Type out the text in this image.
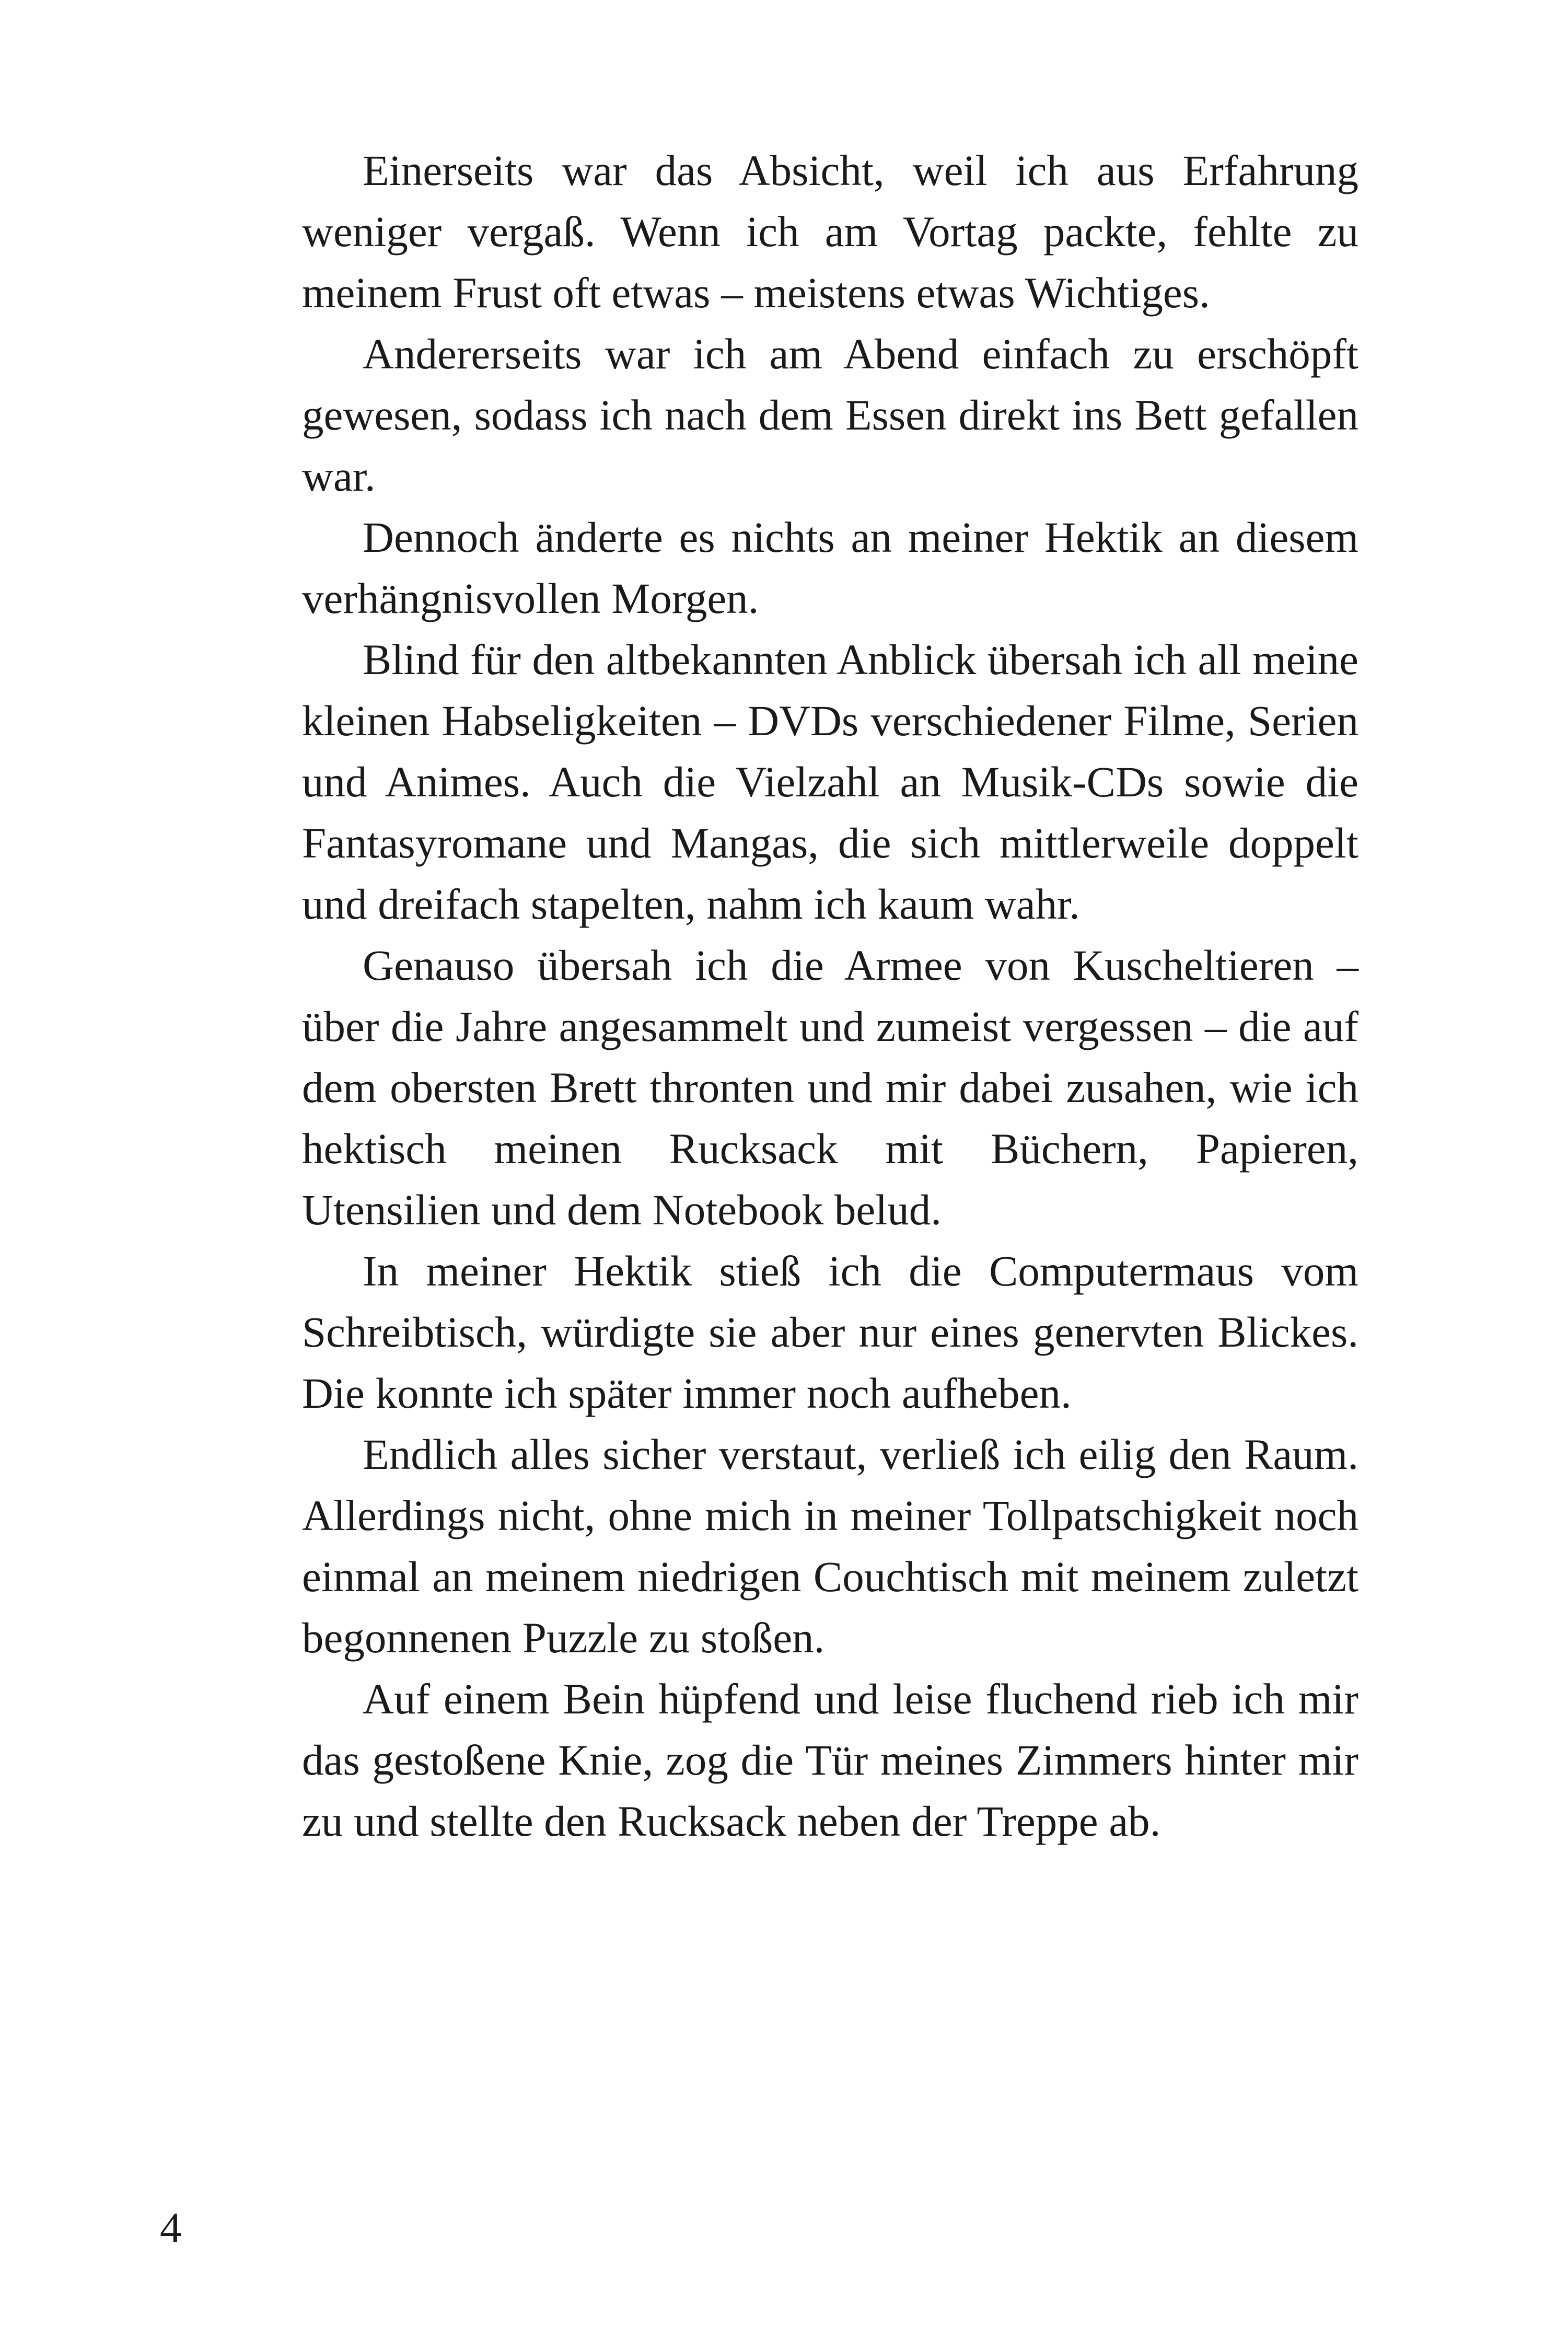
Einerseits war das Absicht, weil ich aus Erfahrung weniger vergaß. Wenn ich am Vortag packte, fehlte zu meinem Frust oft etwas – meistens etwas Wichtiges.

Andererseits war ich am Abend einfach zu erschöpft gewesen, sodass ich nach dem Essen direkt ins Bett gefallen war.

Dennoch änderte es nichts an meiner Hektik an diesem verhängnisvollen Morgen.

Blind für den altbekannten Anblick übersah ich all meine kleinen Habseligkeiten – DVDs verschiedener Filme, Serien und Animes. Auch die Vielzahl an Musik-CDs sowie die Fantasyromane und Mangas, die sich mittlerweile doppelt und dreifach stapelten, nahm ich kaum wahr.

Genauso übersah ich die Armee von Kuscheltieren – über die Jahre angesammelt und zumeist vergessen – die auf dem obersten Brett thronten und mir dabei zusahen, wie ich hektisch meinen Rucksack mit Büchern, Papieren, Utensilien und dem Notebook belud.

In meiner Hektik stieß ich die Computermaus vom Schreibtisch, würdigte sie aber nur eines genervten Blickes. Die konnte ich später immer noch aufheben.

Endlich alles sicher verstaut, verließ ich eilig den Raum. Allerdings nicht, ohne mich in meiner Tollpatschigkeit noch einmal an meinem niedrigen Couchtisch mit meinem zuletzt begonnenen Puzzle zu stoßen.

Auf einem Bein hüpfend und leise fluchend rieb ich mir das gestoßene Knie, zog die Tür meines Zimmers hinter mir zu und stellte den Rucksack neben der Treppe ab.

4
